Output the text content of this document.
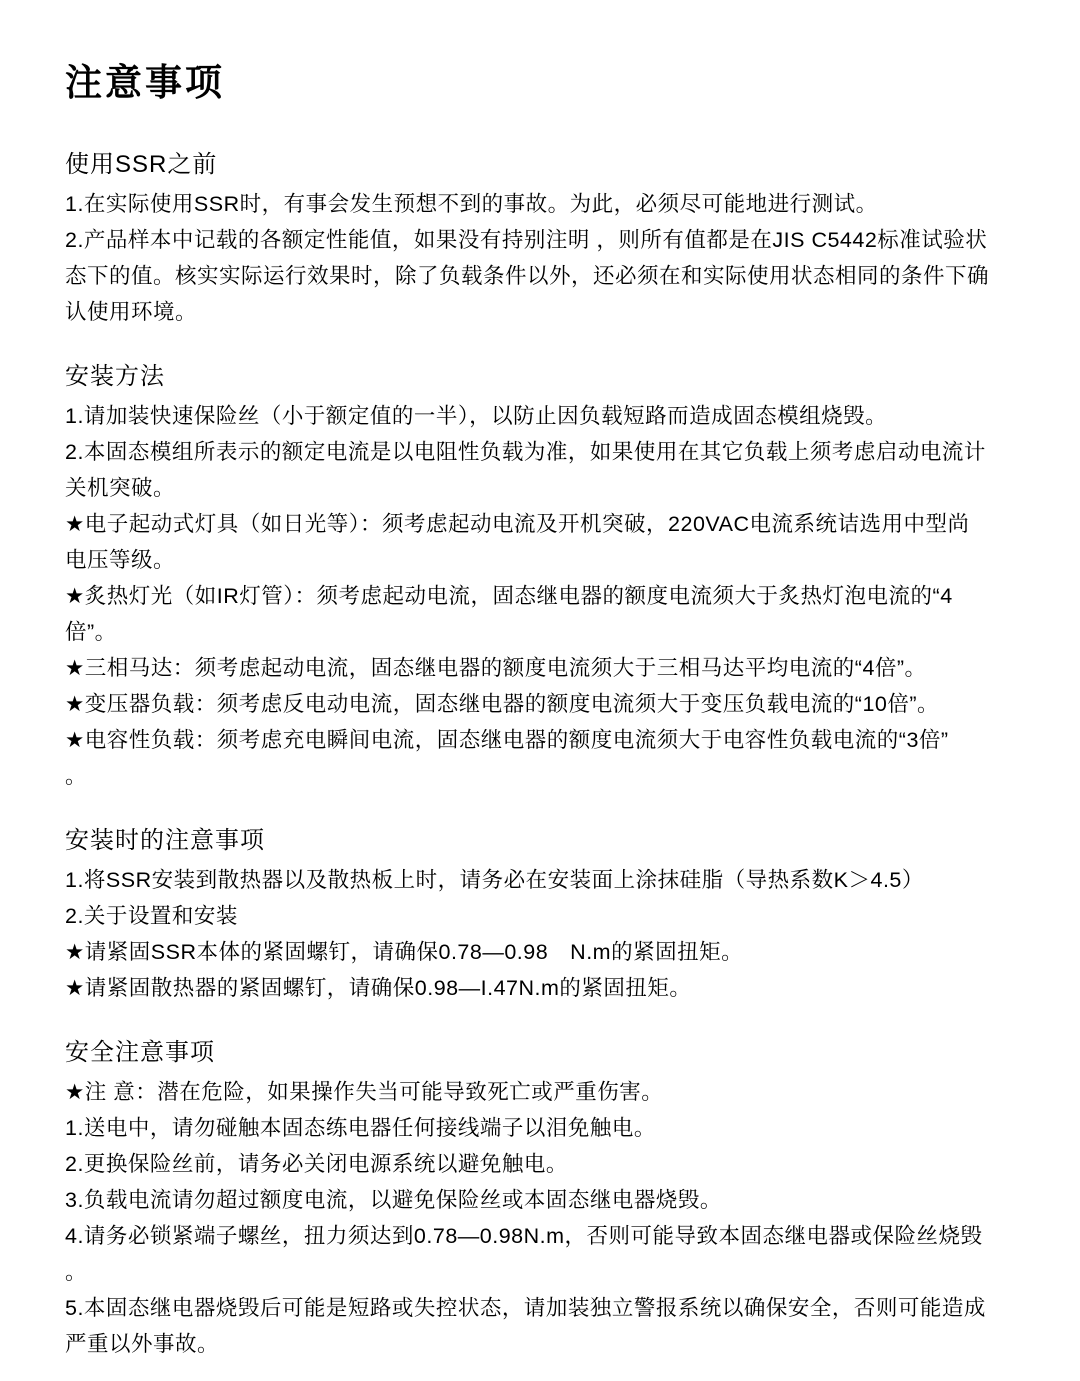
注意事项
使用SSR之前
1.在实际使用SSR时，有事会发生预想不到的事故。为此，必须尽可能地进行测试。
2.产品样本中记载的各额定性能值，如果没有持别注明 ，则所有值都是在JIS C5442标准试验状
态下的值。核实实际运行效果时，除了负载条件以外，还必须在和实际使用状态相同的条件下确
认使用环境。
安装方法
1.请加装快速保险丝（小于额定值的一半），以防止因负载短路而造成固态模组烧毁。
2.本固态模组所表示的额定电流是以电阻性负载为准，如果使用在其它负载上须考虑启动电流计
关机突破。
★电子起动式灯具（如日光等）：须考虑起动电流及开机突破，220VAC电流系统诘选用中型尚
电压等级。
★炙热灯光（如IR灯管）：须考虑起动电流，固态继电器的额度电流须大于炙热灯泡电流的“4
倍”。
★三相马达：须考虑起动电流，固态继电器的额度电流须大于三相马达平均电流的“4倍”。
★变压器负载：须考虑反电动电流，固态继电器的额度电流须大于变压负载电流的“10倍”。
★电容性负载：须考虑充电瞬间电流，固态继电器的额度电流须大于电容性负载电流的“3倍”
。
安装时的注意事项
1.将SSR安装到散热器以及散热板上时，请务必在安装面上涂抹硅脂（导热系数K＞4.5）
2.关于设置和安装
★请紧固SSR本体的紧固螺钉，请确保0.78—0.98　N.m的紧固扭矩。
★请紧固散热器的紧固螺钉，请确保0.98—I.47N.m的紧固扭矩。
安全注意事项
★注 意：潜在危险，如果操作失当可能导致死亡或严重伤害。
1.送电中，请勿碰触本固态练电器任何接线端子以泪免触电。
2.更换保险丝前，请务必关闭电源系统以避免触电。
3.负载电流请勿超过额度电流，以避免保险丝或本固态继电器烧毁。
4.请务必锁紧端子螺丝，扭力须达到0.78—0.98N.m，否则可能导致本固态继电器或保险丝烧毁
。
5.本固态继电器烧毁后可能是短路或失控状态，请加装独立警报系统以确保安全，否则可能造成
严重以外事故。
